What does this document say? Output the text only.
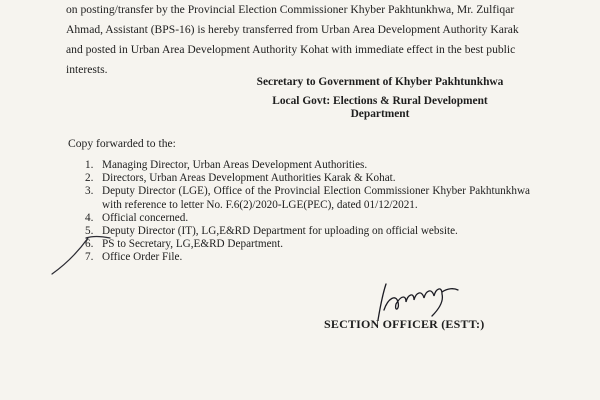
on posting/transfer by the Provincial Election Commissioner Khyber Pakhtunkhwa, Mr. Zulfiqar
Ahmad, Assistant (BPS-16) is hereby transferred from Urban Area Development Authority Karak
and posted in Urban Area Development Authority Kohat with immediate effect in the best public
interests.
Secretary to Government of Khyber Pakhtunkhwa
Local Govt: Elections & Rural Development
Department
Copy forwarded to the:
1. Managing Director, Urban Areas Development Authorities.
2. Directors, Urban Areas Development Authorities Karak & Kohat.
3. Deputy Director (LGE), Office of the Provincial Election Commissioner Khyber Pakhtunkhwa with reference to letter No. F.6(2)/2020-LGE(PEC), dated 01/12/2021.
4. Official concerned.
5. Deputy Director (IT), LG,E&RD Department for uploading on official website.
6. PS to Secretary, LG,E&RD Department.
7. Office Order File.
SECTION OFFICER (ESTT:)
